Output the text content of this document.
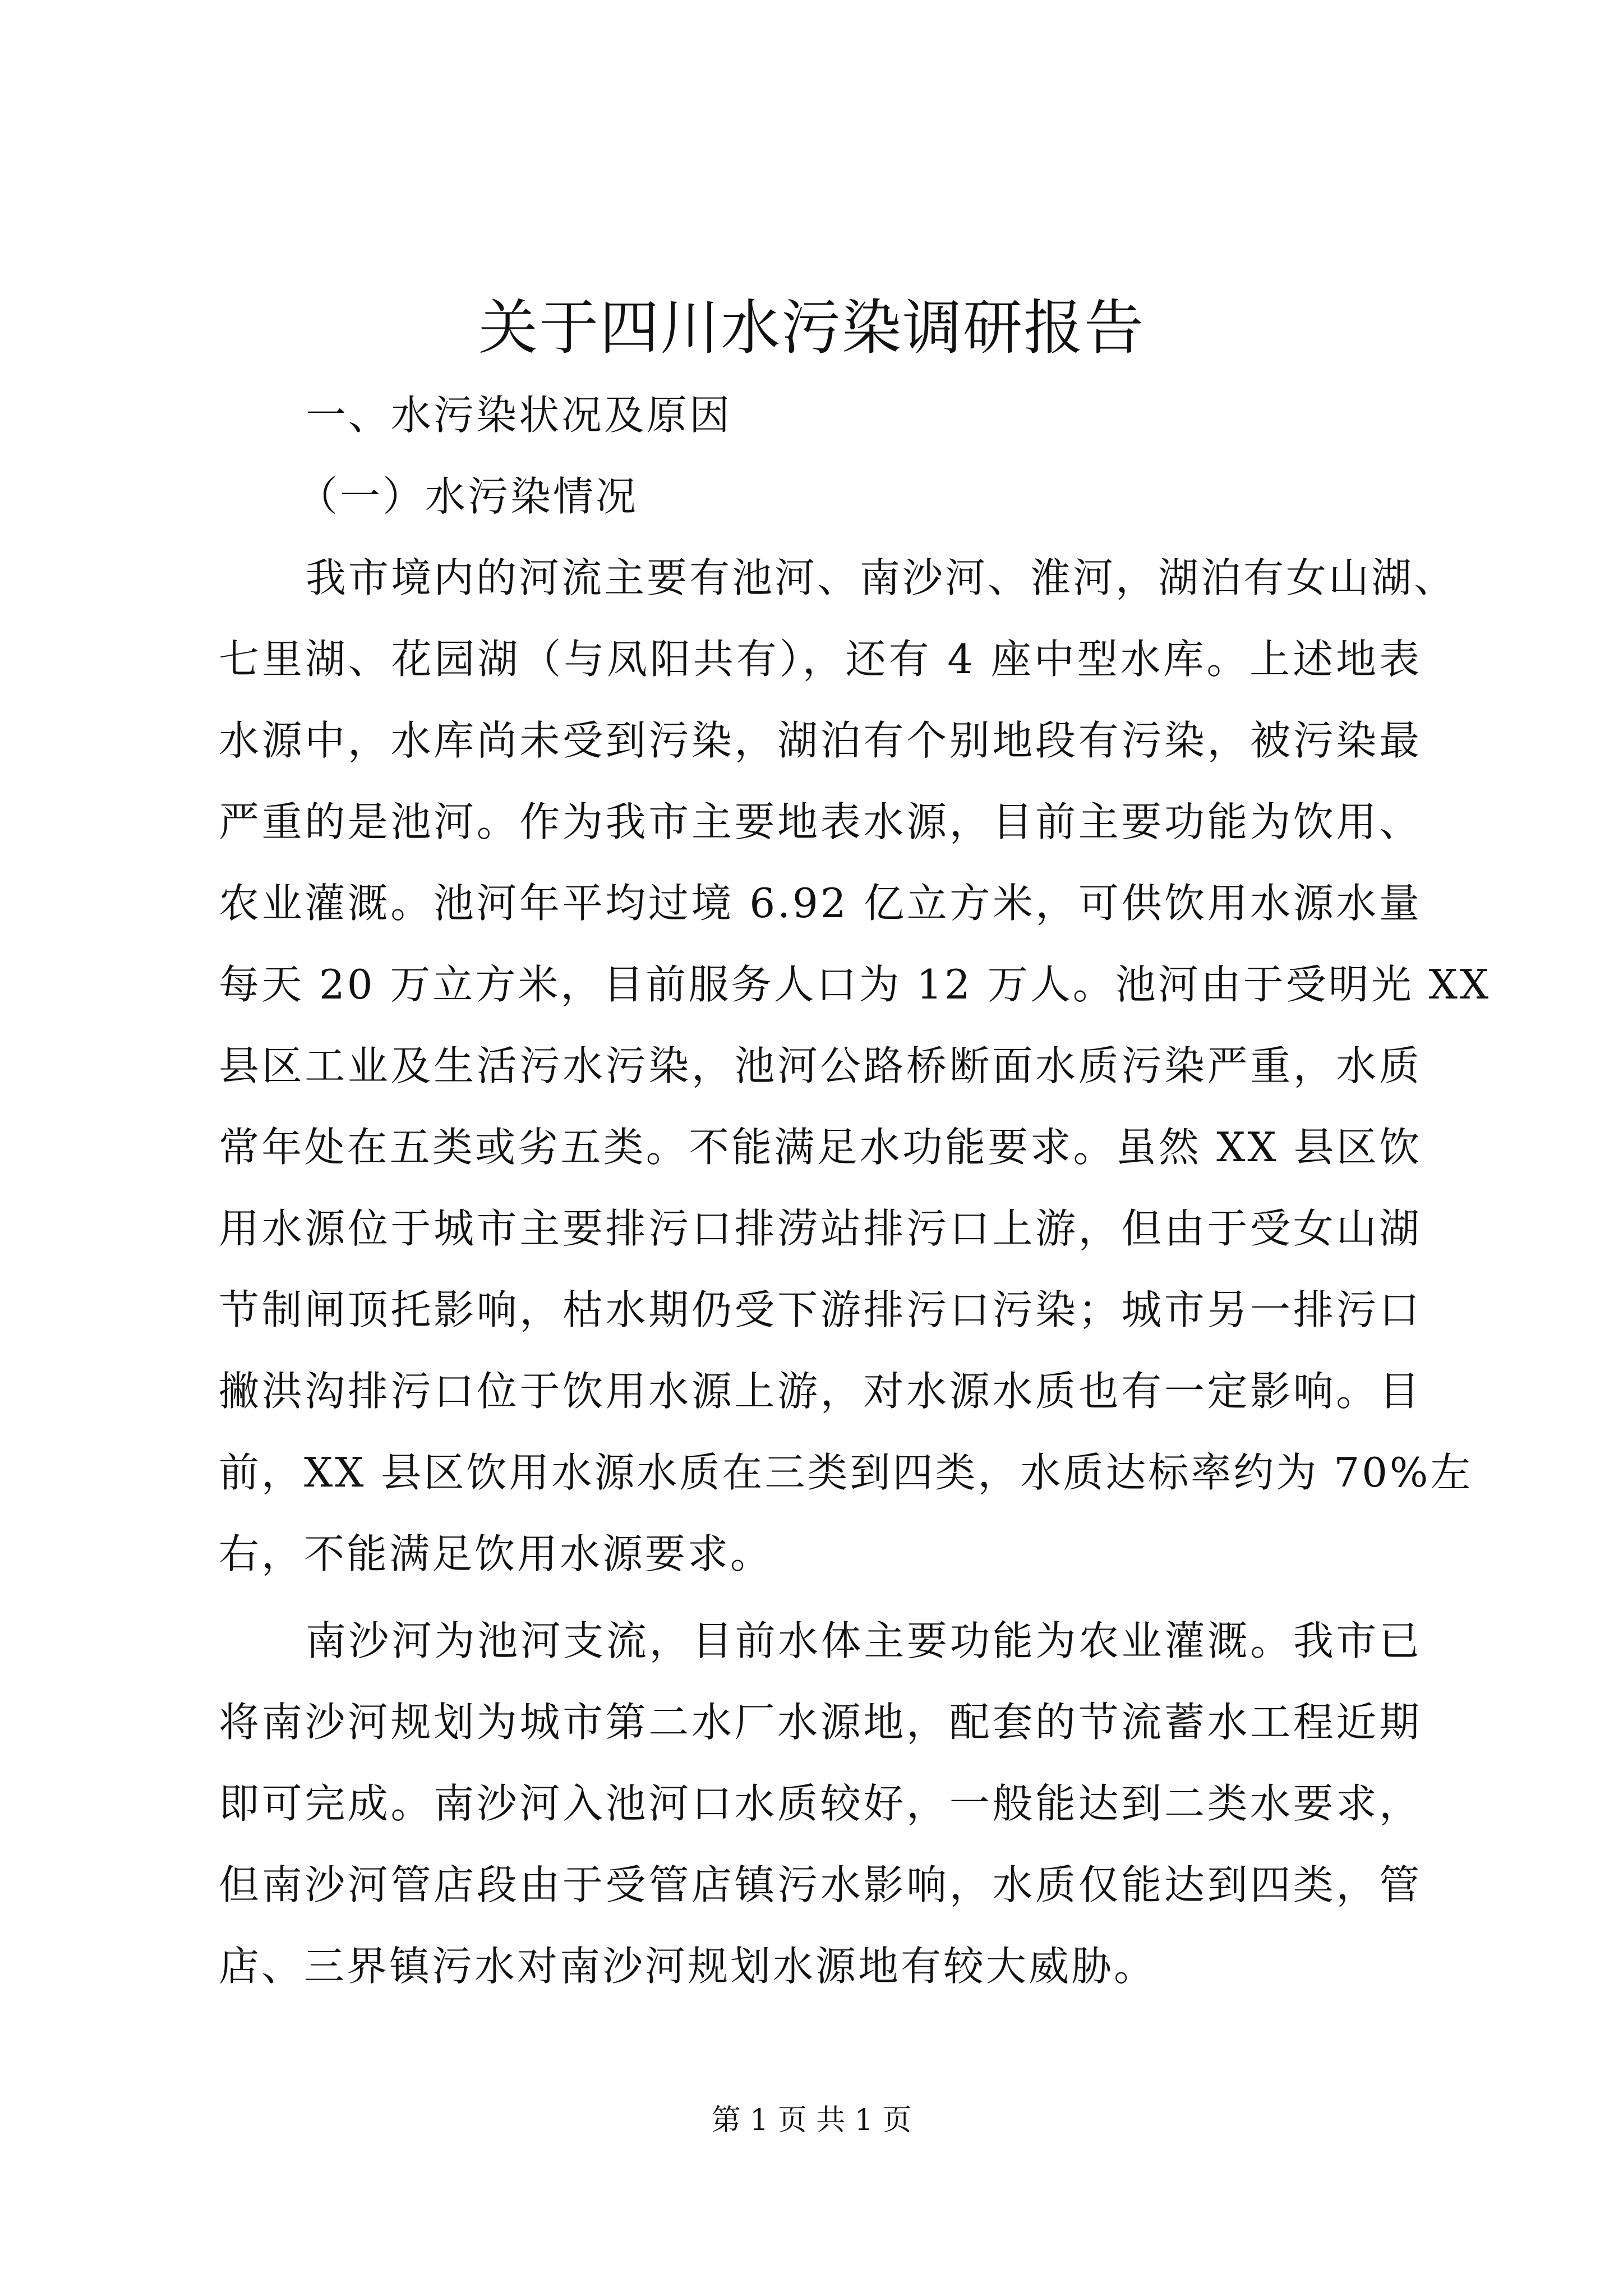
关于四川水污染调研报告
一、水污染状况及原因
（一）水污染情况
我市境内的河流主要有池河、南沙河、淮河，湖泊有女山湖、
七里湖、花园湖（与凤阳共有），还有 4 座中型水库。上述地表
水源中，水库尚未受到污染，湖泊有个别地段有污染，被污染最
严重的是池河。作为我市主要地表水源，目前主要功能为饮用、
农业灌溉。池河年平均过境 6.92 亿立方米，可供饮用水源水量
每天 20 万立方米，目前服务人口为 12 万人。池河由于受明光 XX
县区工业及生活污水污染，池河公路桥断面水质污染严重，水质
常年处在五类或劣五类。不能满足水功能要求。虽然 XX 县区饮
用水源位于城市主要排污口排涝站排污口上游，但由于受女山湖
节制闸顶托影响，枯水期仍受下游排污口污染；城市另一排污口
撇洪沟排污口位于饮用水源上游，对水源水质也有一定影响。目
前，XX 县区饮用水源水质在三类到四类，水质达标率约为 70%左
右，不能满足饮用水源要求。
南沙河为池河支流，目前水体主要功能为农业灌溉。我市已
将南沙河规划为城市第二水厂水源地，配套的节流蓄水工程近期
即可完成。南沙河入池河口水质较好，一般能达到二类水要求，
但南沙河管店段由于受管店镇污水影响，水质仅能达到四类，管
店、三界镇污水对南沙河规划水源地有较大威胁。
第 1 页 共 1 页
